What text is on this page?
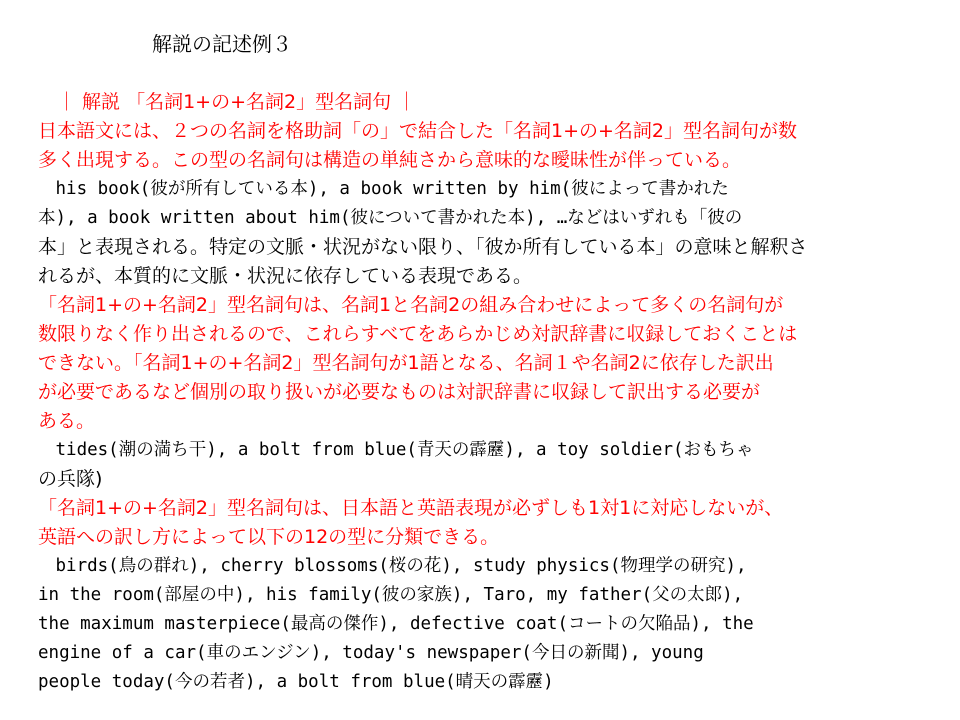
解説の記述例３
　｜ 解説 「名詞1+の+名詞2」型名詞句 ｜
日本語文には、２つの名詞を格助詞「の」で結合した「名詞1+の+名詞2」型名詞句が数
多く出現する。この型の名詞句は構造の単純さから意味的な曖昧性が伴っている。
　his book(彼が所有している本), a book written by him(彼によって書かれた
本), a book written about him(彼について書かれた本), …などはいずれも「彼の
本」と表現される。特定の文脈・状況がない限り、「彼か所有している本」の意味と解釈さ
れるが、本質的に文脈・状況に依存している表現である。
「名詞1+の+名詞2」型名詞句は、名詞1と名詞2の組み合わせによって多くの名詞句が
数限りなく作り出されるので、これらすべてをあらかじめ対訳辞書に収録しておくことは
できない。「名詞1+の+名詞2」型名詞句が1語となる、名詞１や名詞2に依存した訳出
が必要であるなど個別の取り扱いが必要なものは対訳辞書に収録して訳出する必要が
ある。
　tides(潮の満ち干), a bolt from blue(青天の霹靂), a toy soldier(おもちゃ
の兵隊)
「名詞1+の+名詞2」型名詞句は、日本語と英語表現が必ずしも1対1に対応しないが、
英語への訳し方によって以下の12の型に分類できる。
　birds(鳥の群れ), cherry blossoms(桜の花), study physics(物理学の研究),
in the room(部屋の中), his family(彼の家族), Taro, my father(父の太郎),
the maximum masterpiece(最高の傑作), defective coat(コートの欠陥品), the
engine of a car(車のエンジン), today's newspaper(今日の新聞), young
people today(今の若者), a bolt from blue(晴天の霹靂)
